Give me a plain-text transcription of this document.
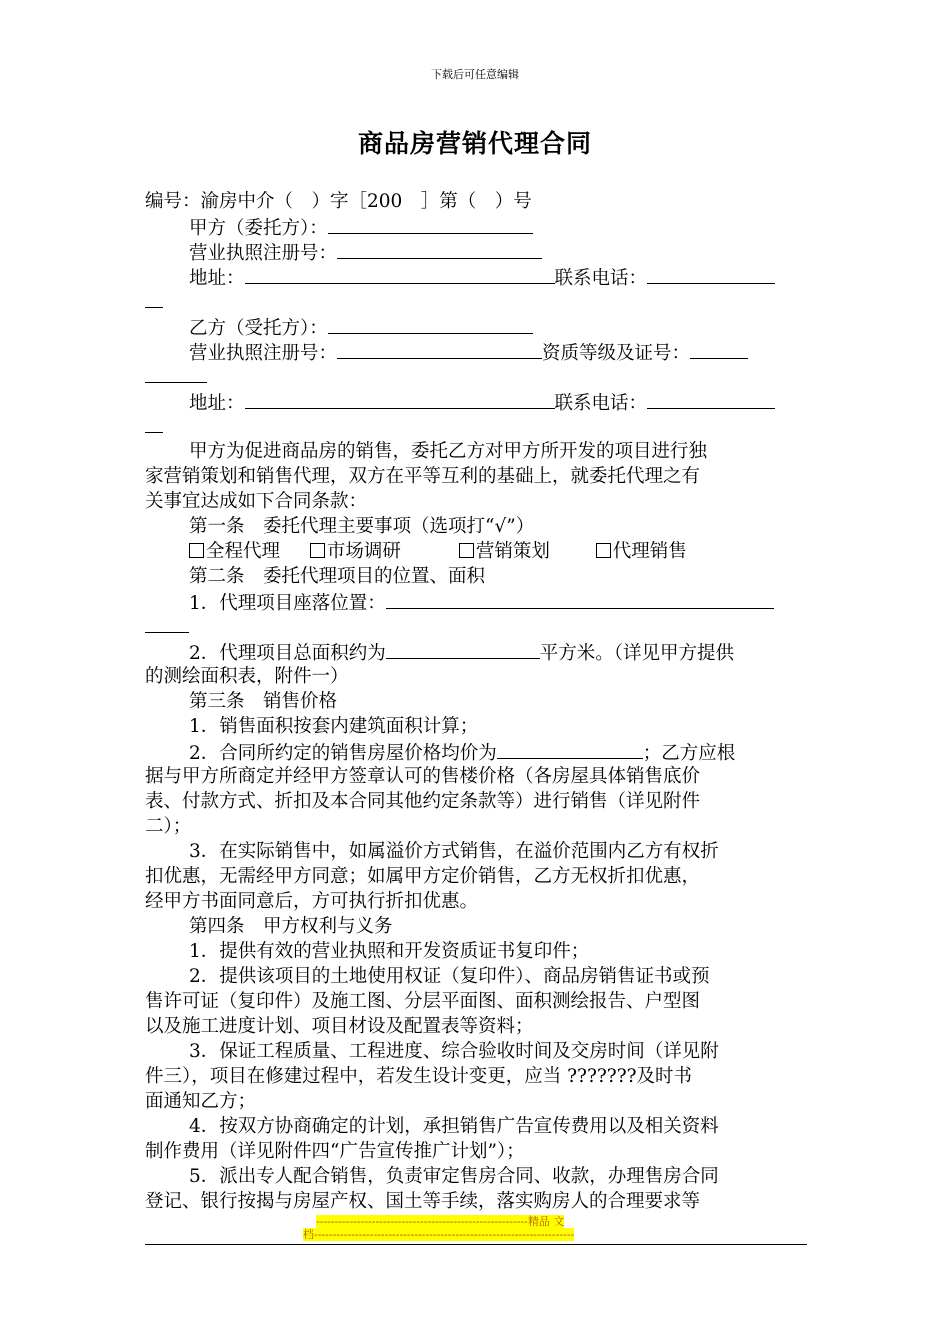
下载后可任意编辑
商品房营销代理合同
编号：渝房中介（　）字［200　］第（　）号
甲方（委托方）：
营业执照注册号：
地址：	联系电话：
乙方（受托方）：
营业执照注册号：	资质等级及证号：
地址：	联系电话：
甲方为促进商品房的销售，委托乙方对甲方所开发的项目进行独
家营销策划和销售代理，双方在平等互利的基础上，就委托代理之有
关事宜达成如下合同条款：
第一条　委托代理主要事项（选项打“√”）
全程代理	市场调研	营销策划	代理销售
第二条　委托代理项目的位置、面积
1．代理项目座落位置：
2．代理项目总面积约为	平方米。（详见甲方提供
的测绘面积表，附件一）
第三条　销售价格
1．销售面积按套内建筑面积计算；
2．合同所约定的销售房屋价格均价为	；乙方应根
据与甲方所商定并经甲方签章认可的售楼价格（各房屋具体销售底价
表、付款方式、折扣及本合同其他约定条款等）进行销售（详见附件
二）；
3．在实际销售中，如属溢价方式销售，在溢价范围内乙方有权折
扣优惠，无需经甲方同意；如属甲方定价销售，乙方无权折扣优惠，
经甲方书面同意后，方可执行折扣优惠。
第四条　甲方权利与义务
1．提供有效的营业执照和开发资质证书复印件；
2．提供该项目的土地使用权证（复印件）、商品房销售证书或预
售许可证（复印件）及施工图、分层平面图、面积测绘报告、户型图
以及施工进度计划、项目材设及配置表等资料；
3．保证工程质量、工程进度、综合验收时间及交房时间（详见附
件三），项目在修建过程中，若发生设计变更，应当 ???????及时书
面通知乙方；
4．按双方协商确定的计划，承担销售广告宣传费用以及相关资料
制作费用（详见附件四“广告宣传推广计划”）；
5．派出专人配合销售，负责审定售房合同、收款，办理售房合同
登记、银行按揭与房屋产权、国土等手续，落实购房人的合理要求等
---------------------------------------------------------精品 文
档----------------------------------------------------------------------
